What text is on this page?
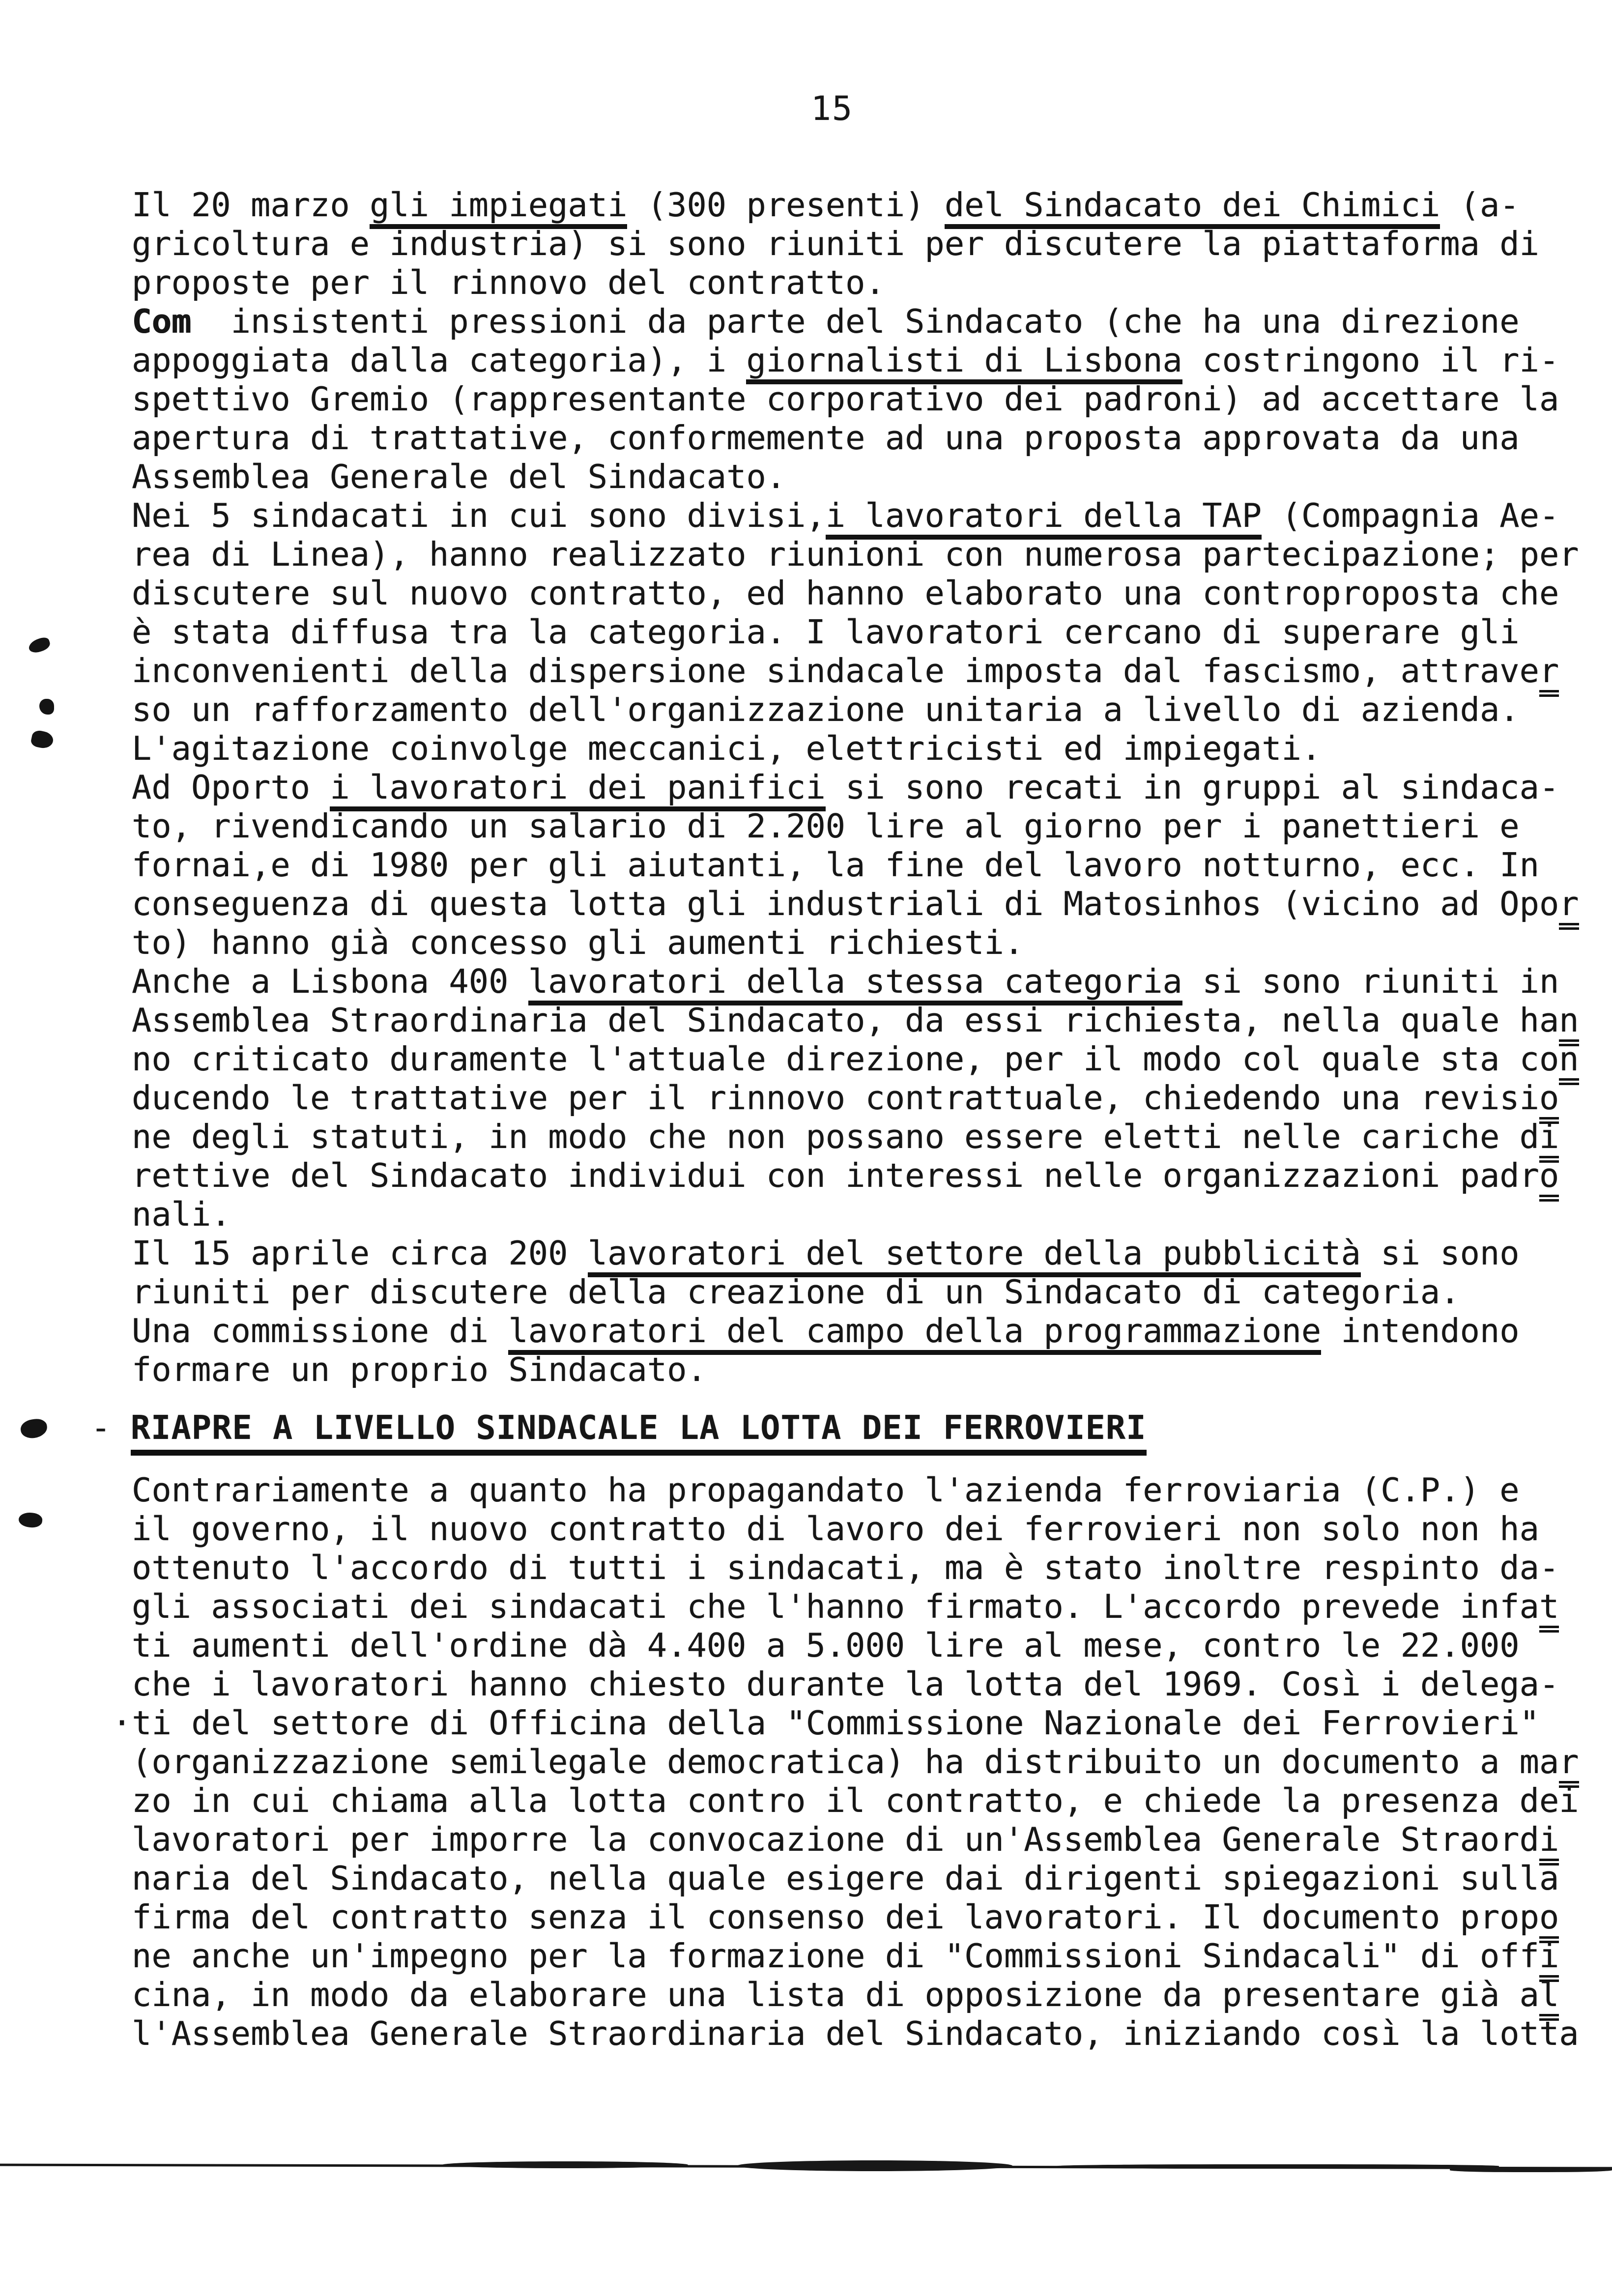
15
Il 20 marzo gli impiegati (300 presenti) del Sindacato dei Chimici (a-
gricoltura e industria) si sono riuniti per discutere la piattaforma di
proposte per il rinnovo del contratto.
Com  insistenti pressioni da parte del Sindacato (che ha una direzione
appoggiata dalla categoria), i giornalisti di Lisbona costringono il ri-
spettivo Gremio (rappresentante corporativo dei padroni) ad accettare la
apertura di trattative, conformemente ad una proposta approvata da una
Assemblea Generale del Sindacato.
Nei 5 sindacati in cui sono divisi,i lavoratori della TAP (Compagnia Ae-
rea di Linea), hanno realizzato riunioni con numerosa partecipazione; per
discutere sul nuovo contratto, ed hanno elaborato una controproposta che
è stata diffusa tra la categoria. I lavoratori cercano di superare gli
inconvenienti della dispersione sindacale imposta dal fascismo, attraver
so un rafforzamento dell'organizzazione unitaria a livello di azienda.
L'agitazione coinvolge meccanici, elettricisti ed impiegati.
Ad Oporto i lavoratori dei panifici si sono recati in gruppi al sindaca-
to, rivendicando un salario di 2.200 lire al giorno per i panettieri e
fornai,e di 1980 per gli aiutanti, la fine del lavoro notturno, ecc. In
conseguenza di questa lotta gli industriali di Matosinhos (vicino ad Opor
to) hanno già concesso gli aumenti richiesti.
Anche a Lisbona 400 lavoratori della stessa categoria si sono riuniti in
Assemblea Straordinaria del Sindacato, da essi richiesta, nella quale han
no criticato duramente l'attuale direzione, per il modo col quale sta con
ducendo le trattative per il rinnovo contrattuale, chiedendo una revisio
ne degli statuti, in modo che non possano essere eletti nelle cariche di
rettive del Sindacato individui con interessi nelle organizzazioni padro
nali.
Il 15 aprile circa 200 lavoratori del settore della pubblicità si sono
riuniti per discutere della creazione di un Sindacato di categoria.
Una commissione di lavoratori del campo della programmazione intendono
formare un proprio Sindacato.
- RIAPRE A LIVELLO SINDACALE LA LOTTA DEI FERROVIERI
Contrariamente a quanto ha propagandato l'azienda ferroviaria (C.P.) e
il governo, il nuovo contratto di lavoro dei ferrovieri non solo non ha
ottenuto l'accordo di tutti i sindacati, ma è stato inoltre respinto da-
gli associati dei sindacati che l'hanno firmato. L'accordo prevede infat
ti aumenti dell'ordine dà 4.400 a 5.000 lire al mese, contro le 22.000
che i lavoratori hanno chiesto durante la lotta del 1969. Così i delega-
·ti del settore di Officina della "Commissione Nazionale dei Ferrovieri"
(organizzazione semilegale democratica) ha distribuito un documento a mar
zo in cui chiama alla lotta contro il contratto, e chiede la presenza dei
lavoratori per imporre la convocazione di un'Assemblea Generale Straordi
naria del Sindacato, nella quale esigere dai dirigenti spiegazioni sulla
firma del contratto senza il consenso dei lavoratori. Il documento propo
ne anche un'impegno per la formazione di "Commissioni Sindacali" di offi
cina, in modo da elaborare una lista di opposizione da presentare già al
l'Assemblea Generale Straordinaria del Sindacato, iniziando così la lotta
